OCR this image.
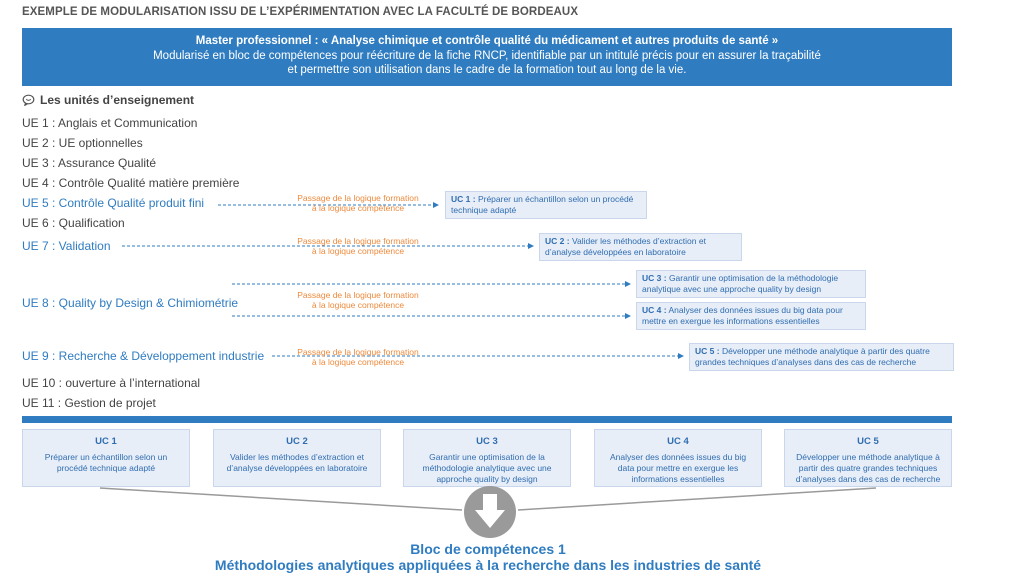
EXEMPLE DE MODULARISATION ISSU DE L’EXPÉRIMENTATION AVEC LA FACULTÉ DE BORDEAUX
Master professionnel : « Analyse chimique et contrôle qualité du médicament et autres produits de santé »
Modularisé en bloc de compétences pour réécriture de la fiche RNCP, identifiable par un intitulé précis pour en assurer la traçabilité
et permettre son utilisation dans le cadre de la formation tout au long de la vie.
Les unités d’enseignement
UE 1 : Anglais et Communication
UE 2 : UE optionnelles
UE 3 : Assurance Qualité
UE 4 : Contrôle Qualité matière première
UE 5 : Contrôle Qualité produit fini
UE 6 : Qualification
UE 7 : Validation
UE 8 : Quality by Design & Chimiométrie
UE 9 : Recherche & Développement industrie
UE 10 : ouverture à l’international
UE 11 : Gestion de projet
Passage de la logique formation
à la logique compétence
Passage de la logique formation
à la logique compétence
Passage de la logique formation
à la logique compétence
Passage de la logique formation
à la logique compétence
UC 1 : Préparer un échantillon selon un procédé technique adapté
UC 2 : Valider les méthodes d’extraction et d’analyse développées en laboratoire
UC 3 : Garantir une optimisation de la méthodologie analytique avec une approche quality by design
UC 4 : Analyser des données issues du big data pour mettre en exergue les informations essentielles
UC 5 : Développer une méthode analytique à partir des quatre grandes techniques d’analyses dans des cas de recherche
UC 1
Préparer un échantillon selon un procédé technique adapté
UC 2
Valider les méthodes d’extraction et d’analyse développées en laboratoire
UC 3
Garantir une optimisation de la méthodologie analytique avec une approche quality by design
UC 4
Analyser des données issues du big data pour mettre en exergue les informations essentielles
UC 5
Développer une méthode analytique à partir des quatre grandes techniques d’analyses dans des cas de recherche
Bloc de compétences 1
Méthodologies analytiques appliquées à la recherche dans les industries de santé
